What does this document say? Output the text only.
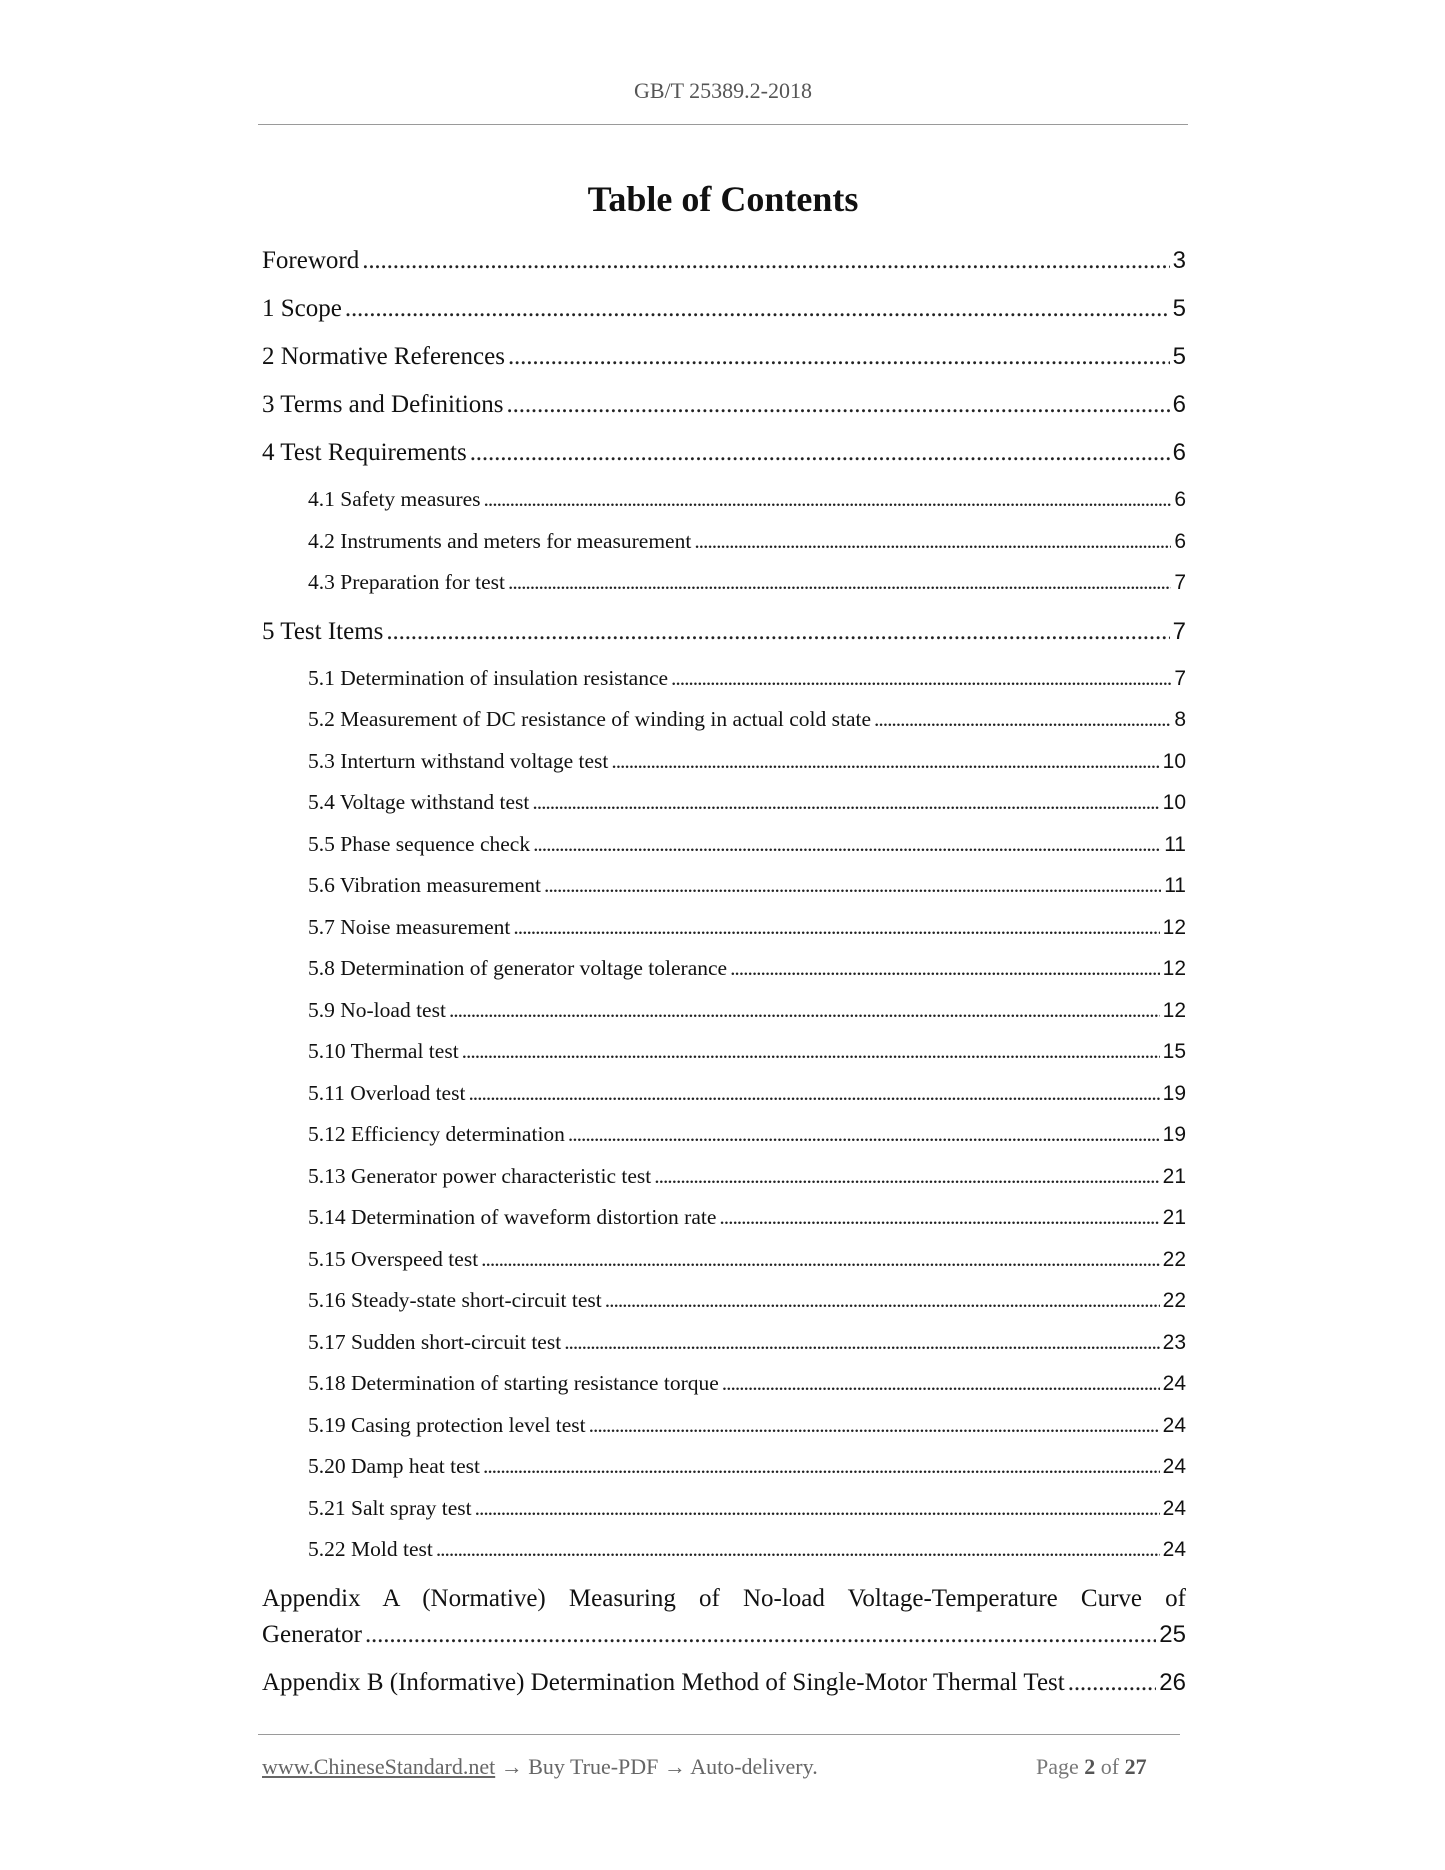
GB/T 25389.2-2018
Table of Contents
Foreword . . .	3
1 Scope . . .	5
2 Normative References . . .	5
3 Terms and Definitions . . .	6
4 Test Requirements . . .	6
4.1 Safety measures . . .	6
4.2 Instruments and meters for measurement . . .	6
4.3 Preparation for test . . .	7
5 Test Items . . .	7
5.1 Determination of insulation resistance . . .	7
5.2 Measurement of DC resistance of winding in actual cold state . . .	8
5.3 Interturn withstand voltage test . . .	10
5.4 Voltage withstand test . . .	10
5.5 Phase sequence check . . .	11
5.6 Vibration measurement . . .	11
5.7 Noise measurement . . .	12
5.8 Determination of generator voltage tolerance . . .	12
5.9 No-load test . . .	12
5.10 Thermal test . . .	15
5.11 Overload test . . .	19
5.12 Efficiency determination . . .	19
5.13 Generator power characteristic test . . .	21
5.14 Determination of waveform distortion rate . . .	21
5.15 Overspeed test . . .	22
5.16 Steady-state short-circuit test . . .	22
5.17 Sudden short-circuit test . . .	23
5.18 Determination of starting resistance torque . . .	24
5.19 Casing protection level test . . .	24
5.20 Damp heat test . . .	24
5.21 Salt spray test . . .	24
5.22 Mold test . . .	24
Appendix A (Normative) Measuring of No-load Voltage-Temperature Curve of
Generator . . .	25
Appendix B (Informative) Determination Method of Single-Motor Thermal Test . . .	26
www.ChineseStandard.net → Buy True-PDF → Auto-delivery.	Page 2 of 27
